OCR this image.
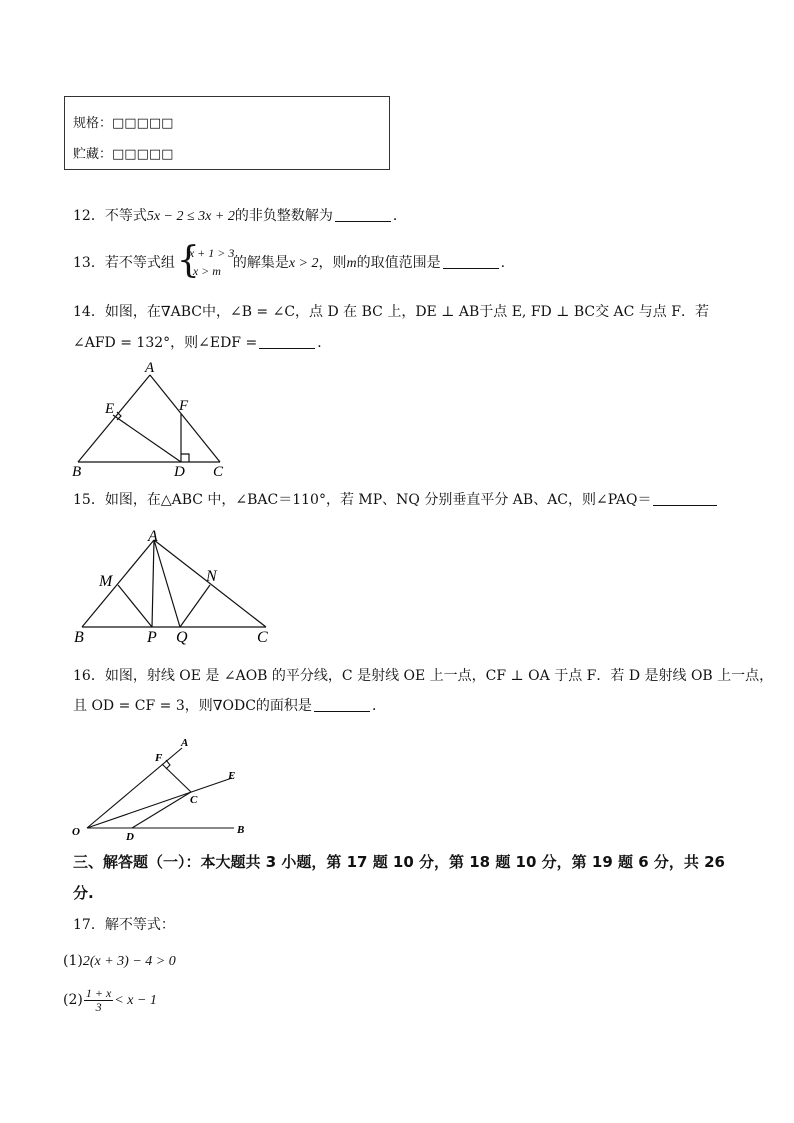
规格：□□□□□
贮藏：□□□□□
12．不等式5x − 2 ≤ 3x + 2的非负整数解为	．
13．若不等式组 {
x + 1 > 3
x > m 的解集是x > 2，则m的取值范围是	.
14．如图，在∇ABC中，∠B = ∠C，点 D 在 BC 上，DE ⊥ AB于点 E, FD ⊥ BC交 AC 与点 F．若
∠AFD = 132°，则∠EDF =	．
A
B	C
D
E	F
15．如图，在△ABC 中，∠BAC＝110°，若 MP、NQ 分别垂直平分 AB、AC，则∠PAQ＝
A
B	C
M	N
P Q
16．如图，射线 OE 是 ∠AOB 的平分线，C 是射线 OE 上一点，CF ⊥ OA 于点 F．若 D 是射线 OB 上一点，
且 OD = CF = 3，则∇ODC的面积是	．
O
A
B
C
D
E
F
三、解答题（一）：本大题共 3 小题，第 17 题 10 分，第 18 题 10 分，第 19 题 6 分，共 26
分.
17．解不等式：
(1)2(x + 3) − 4 > 0
$(2) \frac{1 + x}{3} < x - 1$
